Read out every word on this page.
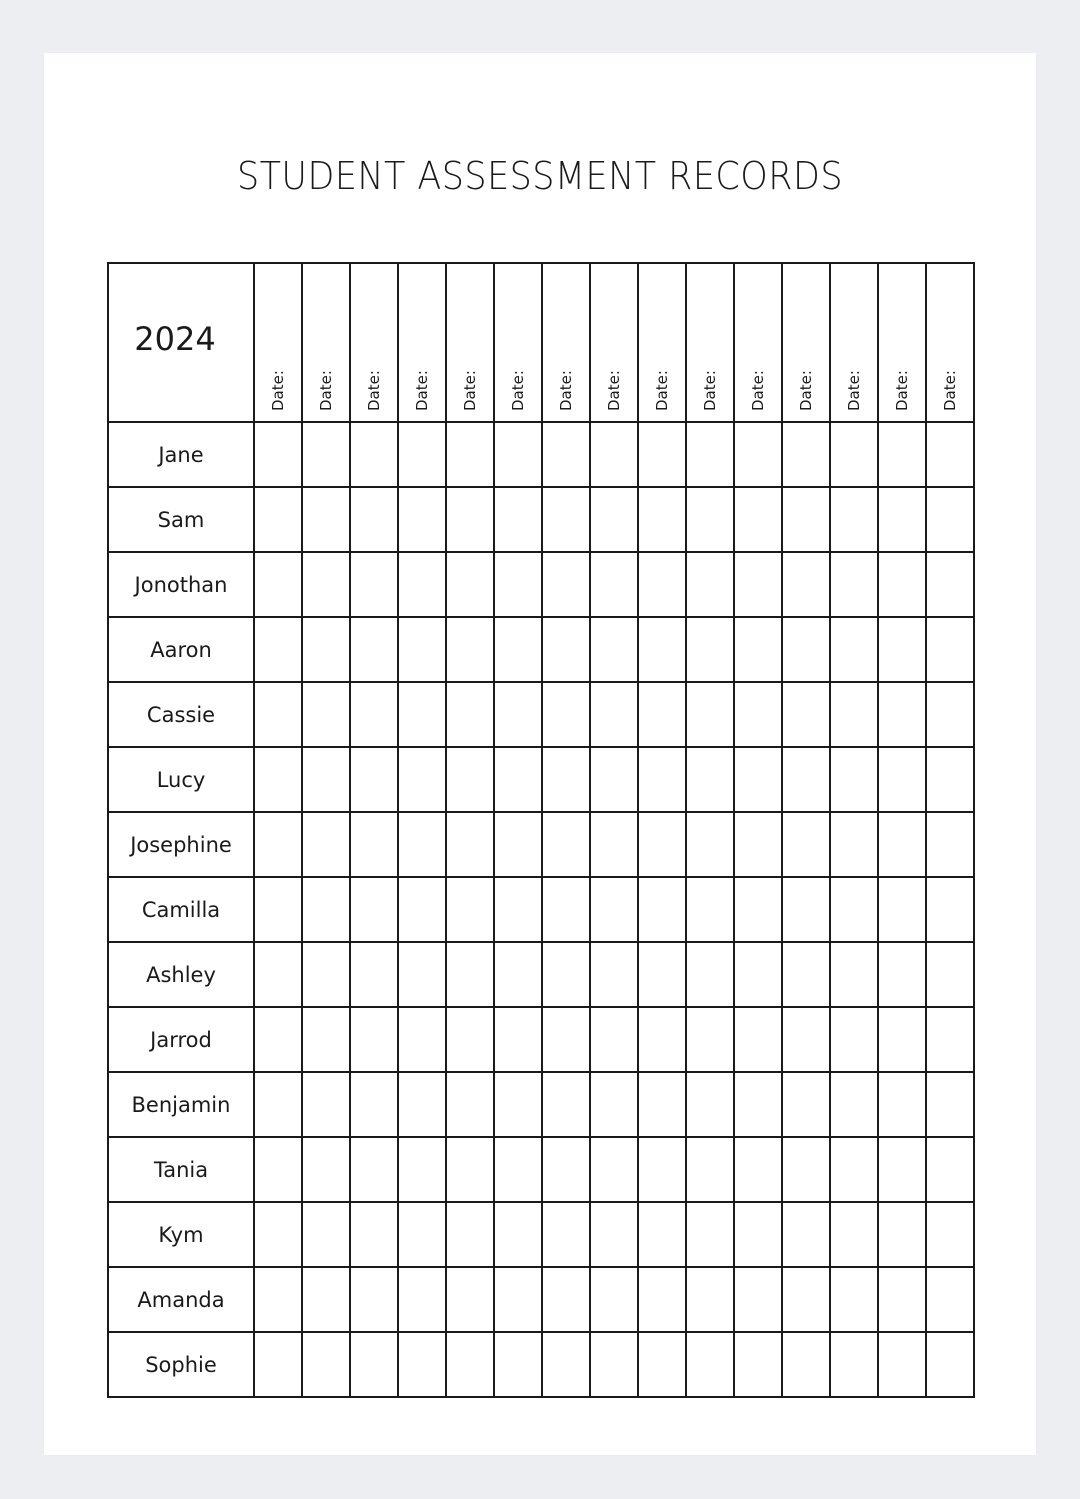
STUDENT ASSESSMENT RECORDS
2024	Date:	Date:	Date:	Date:	Date:	Date:	Date:	Date:	Date:	Date:	Date:	Date:	Date:	Date:	Date:

Jane															
Sam															
Jonothan															
Aaron															
Cassie															
Lucy															
Josephine															
Camilla															
Ashley															
Jarrod															
Benjamin															
Tania															
Kym															
Amanda															
Sophie															
